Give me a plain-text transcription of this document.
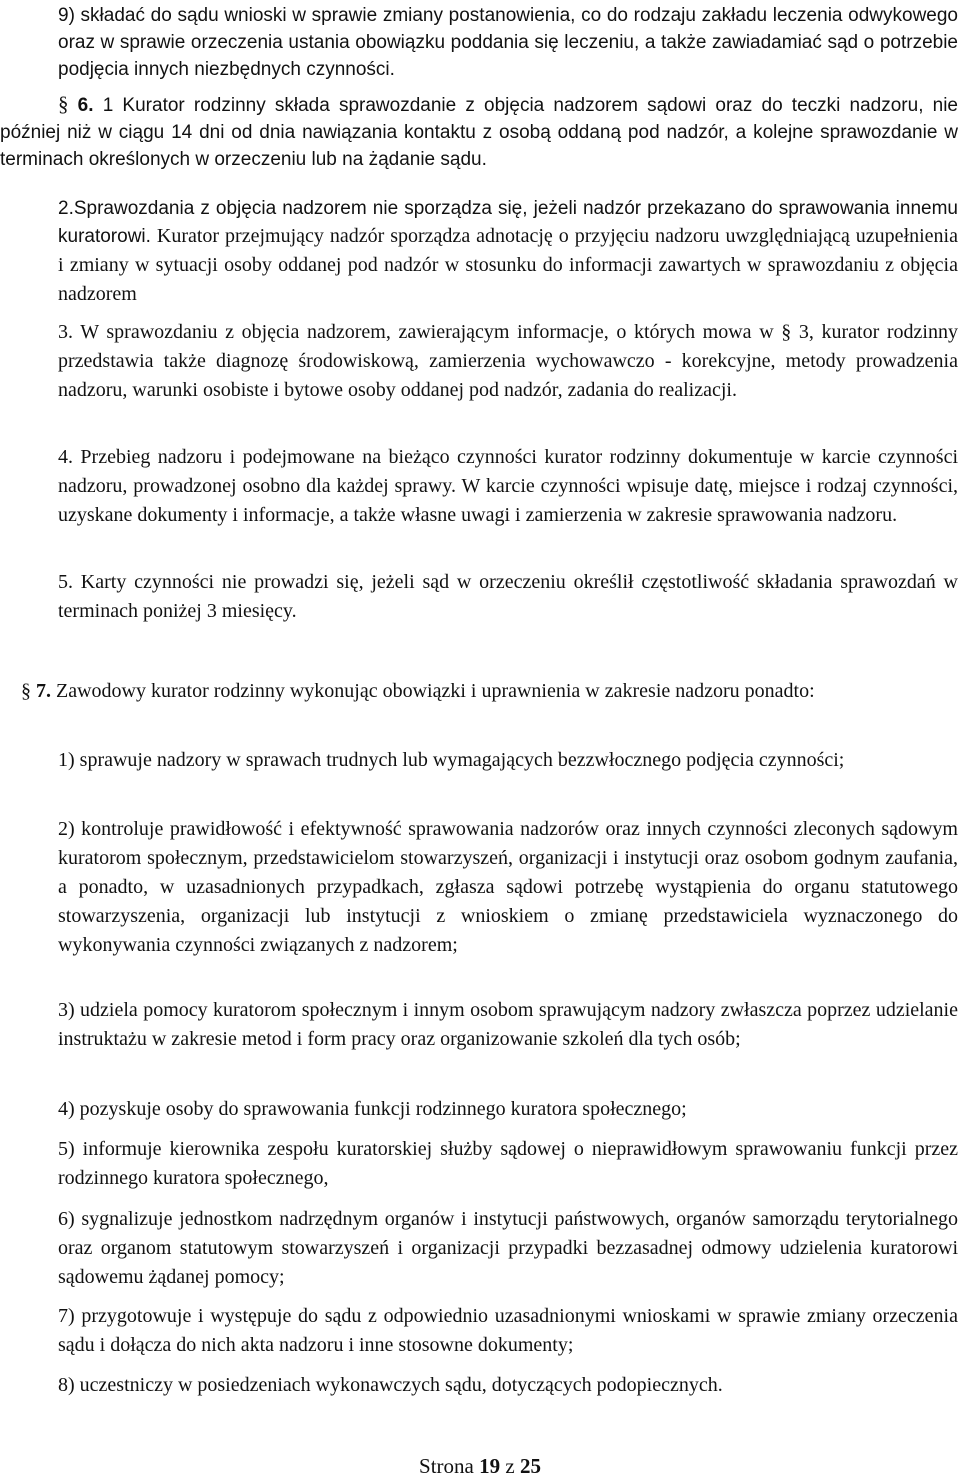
9) składać do sądu wnioski w sprawie zmiany postanowienia, co do rodzaju zakładu leczenia odwykowego oraz w sprawie orzeczenia ustania obowiązku poddania się leczeniu, a także zawiadamiać sąd o potrzebie podjęcia innych niezbędnych czynności.
§ 6. 1 Kurator rodzinny składa sprawozdanie z objęcia nadzorem sądowi oraz do teczki nadzoru, nie później niż w ciągu 14 dni od dnia nawiązania kontaktu z osobą oddaną pod nadzór, a kolejne sprawozdanie w terminach określonych w orzeczeniu lub na żądanie sądu.
2.Sprawozdania z objęcia nadzorem nie sporządza się, jeżeli nadzór przekazano do sprawowania innemu kuratorowi. Kurator przejmujący nadzór sporządza adnotację o przyjęciu nadzoru uwzględniającą uzupełnienia i zmiany w sytuacji osoby oddanej pod nadzór w stosunku do informacji zawartych w sprawozdaniu z objęcia nadzorem
3. W sprawozdaniu z objęcia nadzorem, zawierającym informacje, o których mowa w § 3, kurator rodzinny przedstawia także diagnozę środowiskową, zamierzenia wychowawczo - korekcyjne, metody prowadzenia nadzoru, warunki osobiste i bytowe osoby oddanej pod nadzór, zadania do realizacji.
4. Przebieg nadzoru i podejmowane na bieżąco czynności kurator rodzinny dokumentuje w karcie czynności nadzoru, prowadzonej osobno dla każdej sprawy. W karcie czynności wpisuje datę, miejsce i rodzaj czynności, uzyskane dokumenty i informacje, a także własne uwagi i zamierzenia w zakresie sprawowania nadzoru.
5. Karty czynności nie prowadzi się, jeżeli sąd w orzeczeniu określił częstotliwość składania sprawozdań w terminach poniżej 3 miesięcy.
§ 7. Zawodowy kurator rodzinny wykonując obowiązki i uprawnienia w zakresie nadzoru ponadto:
1) sprawuje nadzory w sprawach trudnych lub wymagających bezzwłocznego podjęcia czynności;
2) kontroluje prawidłowość i efektywność sprawowania nadzorów oraz innych czynności zleconych sądowym kuratorom społecznym, przedstawicielom stowarzyszeń, organizacji i instytucji oraz osobom godnym zaufania, a ponadto, w uzasadnionych przypadkach, zgłasza sądowi potrzebę wystąpienia do organu statutowego stowarzyszenia, organizacji lub instytucji z wnioskiem o zmianę przedstawiciela wyznaczonego do wykonywania czynności związanych z nadzorem;
3) udziela pomocy kuratorom społecznym i innym osobom sprawującym nadzory zwłaszcza poprzez udzielanie instruktażu w zakresie metod i form pracy oraz organizowanie szkoleń dla tych osób;
4) pozyskuje osoby do sprawowania funkcji rodzinnego kuratora społecznego;
5) informuje kierownika zespołu kuratorskiej służby sądowej o nieprawidłowym sprawowaniu funkcji przez rodzinnego kuratora społecznego,
6) sygnalizuje jednostkom nadrzędnym organów i instytucji państwowych, organów samorządu terytorialnego oraz organom statutowym stowarzyszeń i organizacji przypadki bezzasadnej odmowy udzielenia kuratorowi sądowemu żądanej pomocy;
7) przygotowuje i występuje do sądu z odpowiednio uzasadnionymi wnioskami w sprawie zmiany orzeczenia sądu i dołącza do nich akta nadzoru i inne stosowne dokumenty;
8) uczestniczy w posiedzeniach wykonawczych sądu, dotyczących podopiecznych.
Strona 19 z 25
